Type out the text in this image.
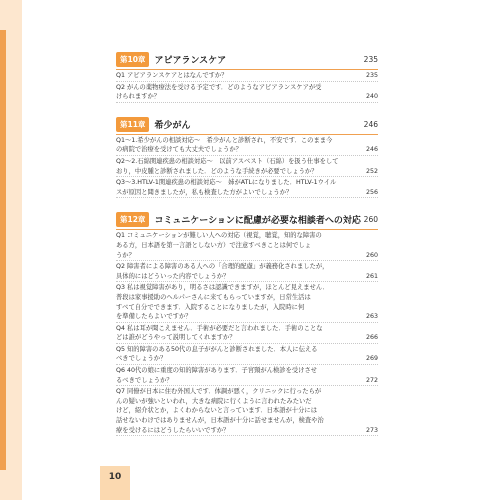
第10章	アピアランスケア	235
Q1 アピアランスケアとはなんですか？	235
Q2 がんの薬物療法を受ける予定です．どのようなアピアランスケアが受
けられますか？	240
第11章	希少がん	246
Q1～1.希少がんの相談対応～　希少がんと診断され，不安です．このまま今
の病院で治療を受けても大丈夫でしょうか？	246
Q2～2.石綿関連疾患の相談対応～　以前アスベスト（石綿）を扱う仕事をして
おり，中皮腫と診断されました．どのような手続きが必要でしょうか？	252
Q3～3.HTLV-1関連疾患の相談対応～　姉がATLになりました．HTLV-1ウイル
スが原因と聞きましたが，私も検査した方がよいでしょうか？	256
第12章	コミュニケーションに配慮が必要な相談者への対応 260
Q1 コミュニケーションが難しい人への対応（視覚，聴覚，知的な障害の
ある方，日本語を第一言語としない方）で注意すべきことは何でしょ
うか？	260
Q2 障害者による障害のある人への「合理的配慮」が義務化されましたが，
具体的にはどういった内容でしょうか？	261
Q3 私は視覚障害があり，明るさは認識できますが，ほとんど見えません．
普段は家事援助のヘルパーさんに来てもらっていますが，日常生活は
すべて自分でできます．入院することになりましたが，入院時に何
を準備したらよいですか？	263
Q4 私は耳が聞こえません．手術が必要だと言われました．手術のことな
どは誰がどうやって説明してくれますか？	266
Q5 知的障害のある50代の息子ががんと診断されました．本人に伝える
べきでしょうか？	269
Q6 40代の娘に重度の知的障害があります．子宮頸がん検診を受けさせ
るべきでしょうか？	272
Q7 同僚が日本に住む外国人です．体調が悪く，クリニックに行ったらが
んの疑いが強いといわれ，大きな病院に行くように言われたみたいだ
けど，紹介状とか，よくわからないと言っています．日本語が十分には
話せないわけではありませんが，日本語が十分に話せませんが，検査や治
療を受けるにはどうしたらいいですか？	273
10
